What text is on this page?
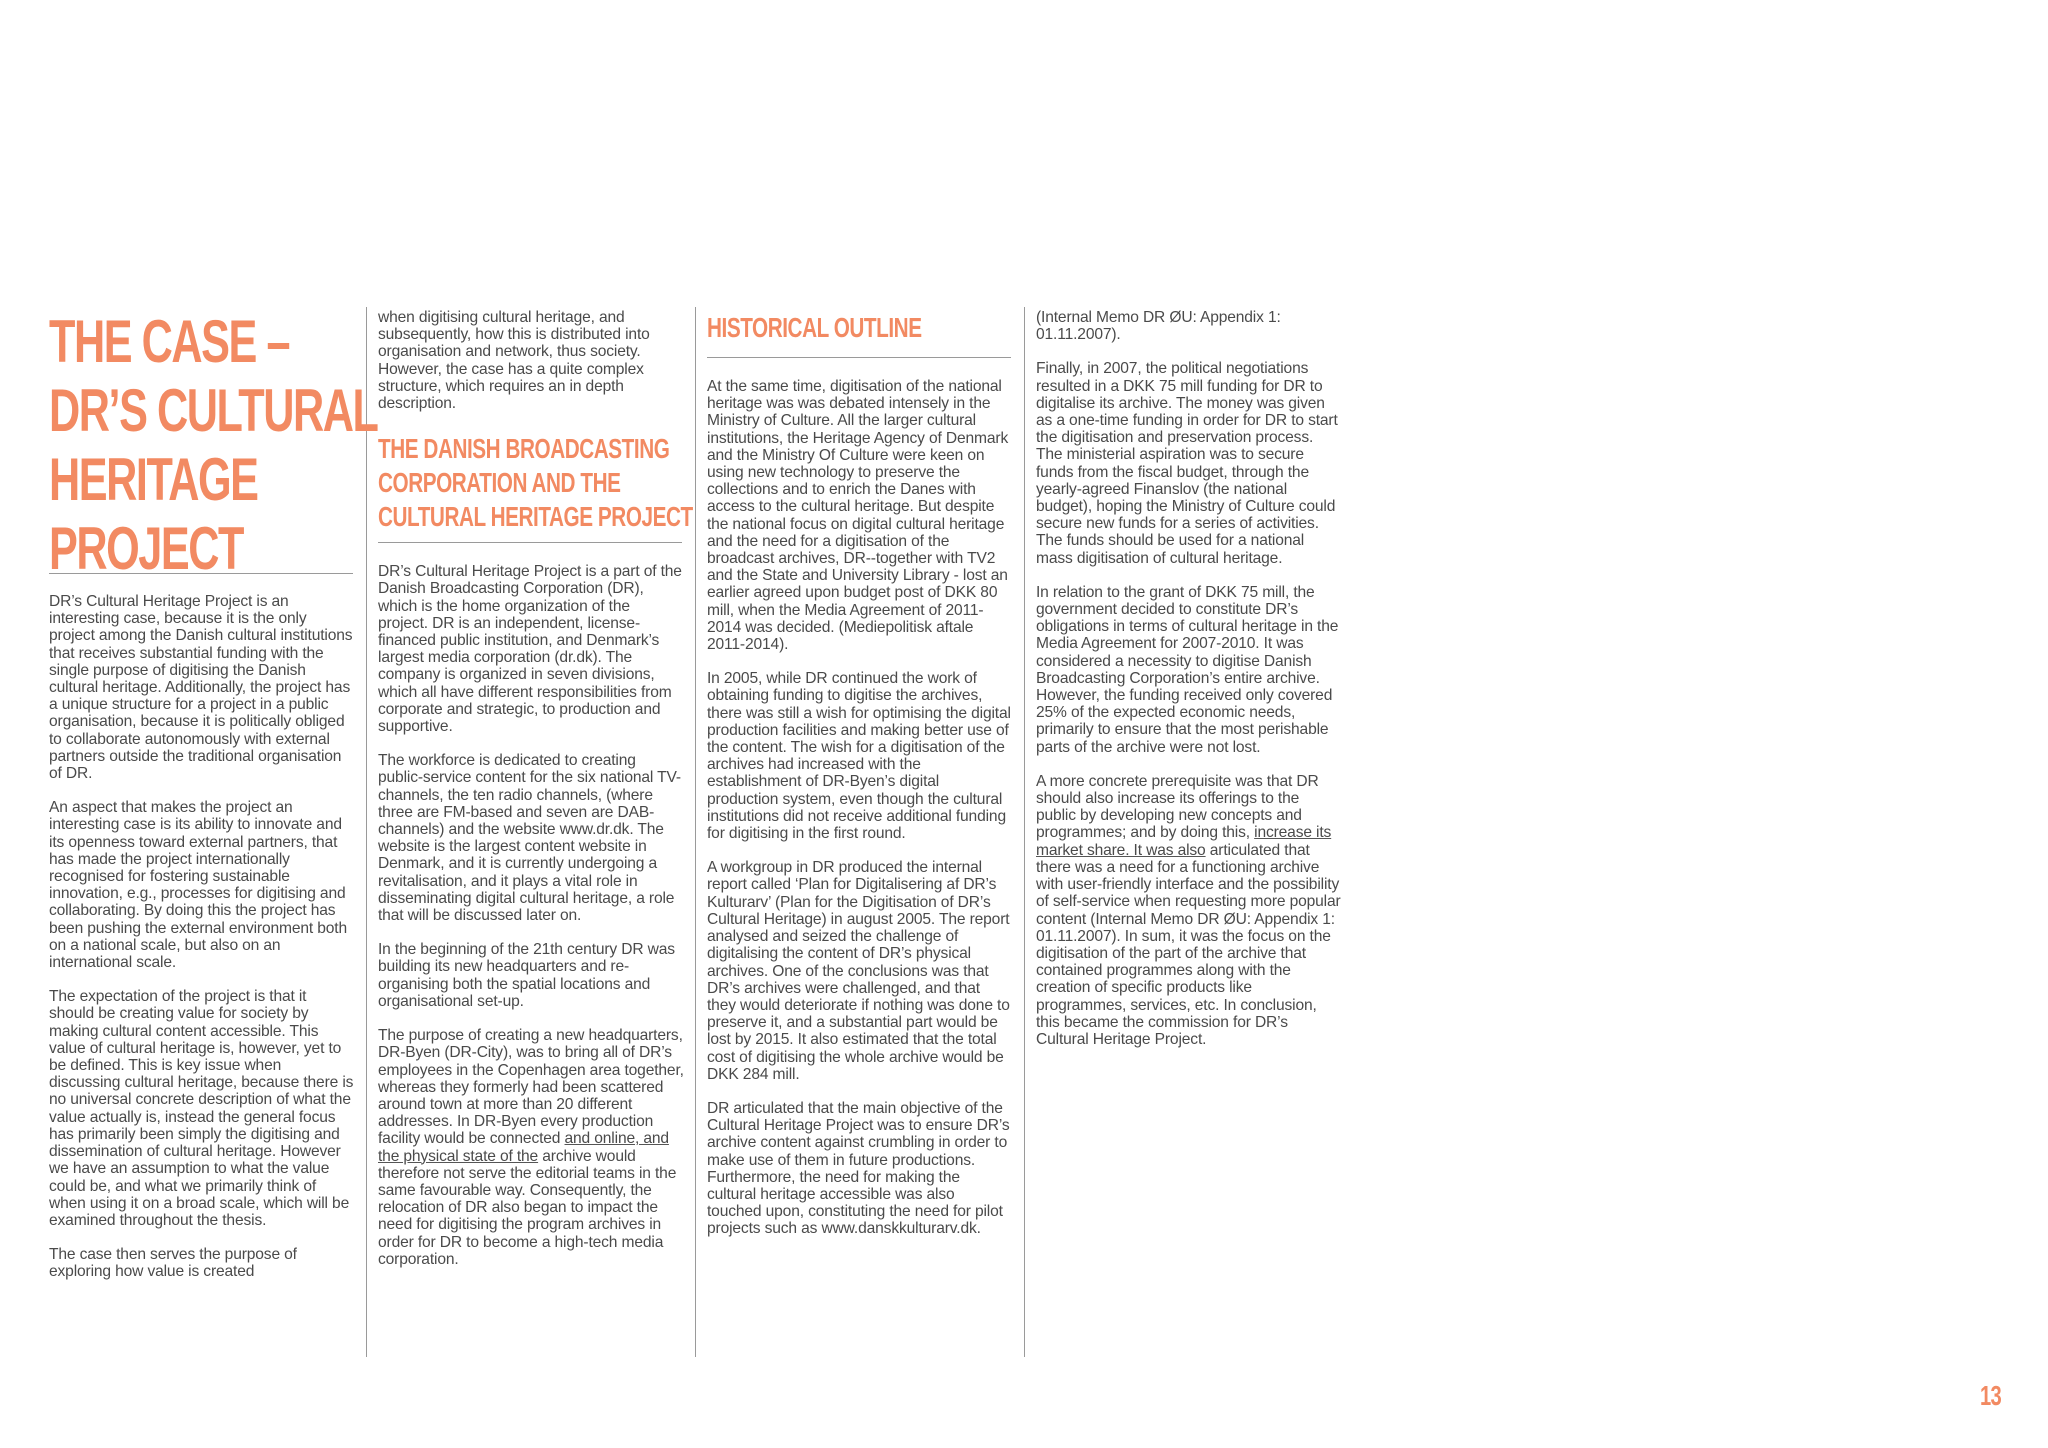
THE CASE –
DR’S CULTURAL
HERITAGE
PROJECT

DR’s Cultural Heritage Project is an interesting case, because it is the only project among the Danish cultural institutions that receives substantial funding with the single purpose of digitising the Danish cultural heritage. Additionally, the project has a unique structure for a project in a public organisation, because it is politically obliged to collaborate autonomously with external partners outside the traditional organisation of DR.

An aspect that makes the project an interesting case is its ability to innovate and its openness toward external partners, that has made the project internationally recognised for fostering sustainable innovation, e.g., processes for digitising and collaborating. By doing this the project has been pushing the external environment both on a national scale, but also on an international scale.

The expectation of the project is that it should be creating value for society by making cultural content accessible. This value of cultural heritage is, however, yet to be defined. This is key issue when discussing cultural heritage, because there is no universal concrete description of what the value actually is, instead the general focus has primarily been simply the digitising and dissemination of cultural heritage. However we have an assumption to what the value could be, and what we primarily think of when using it on a broad scale, which will be examined throughout the thesis.

The case then serves the purpose of exploring how value is created

when digitising cultural heritage, and subsequently, how this is distributed into organisation and network, thus society. However, the case has a quite complex structure, which requires an in depth description.

THE DANISH BROADCASTING
CORPORATION AND THE
CULTURAL HERITAGE PROJECT

DR’s Cultural Heritage Project is a part of the Danish Broadcasting Corporation (DR), which is the home organization of the project. DR is an independent, license-financed public institution, and Denmark’s largest media corporation (dr.dk). The company is organized in seven divisions, which all have different responsibilities from corporate and strategic, to production and supportive.

The workforce is dedicated to creating public-service content for the six national TV-channels, the ten radio channels, (where three are FM-based and seven are DAB-channels) and the website www.dr.dk. The website is the largest content website in Denmark, and it is currently undergoing a revitalisation, and it plays a vital role in disseminating digital cultural heritage, a role that will be discussed later on.

In the beginning of the 21th century DR was building its new headquarters and re-organising both the spatial locations and organisational set-up.

The purpose of creating a new headquarters, DR-Byen (DR-City), was to bring all of DR’s employees in the Copenhagen area together, whereas they formerly had been scattered around town at more than 20 different addresses. In DR-Byen every production facility would be connected and online, and the physical state of the archive would therefore not serve the editorial teams in the same favourable way. Consequently, the relocation of DR also began to impact the need for digitising the program archives in order for DR to become a high-tech media corporation.

HISTORICAL OUTLINE

At the same time, digitisation of the national heritage was was debated intensely in the Ministry of Culture. All the larger cultural institutions, the Heritage Agency of Denmark and the Ministry Of Culture were keen on using new technology to preserve the collections and to enrich the Danes with access to the cultural heritage. But despite the national focus on digital cultural heritage and the need for a digitisation of the broadcast archives, DR--together with TV2 and the State and University Library - lost an earlier agreed upon budget post of DKK 80 mill, when the Media Agreement of 2011-2014 was decided. (Mediepolitisk aftale 2011-2014).

In 2005, while DR continued the work of obtaining funding to digitise the archives, there was still a wish for optimising the digital production facilities and making better use of the content. The wish for a digitisation of the archives had increased with the establishment of DR-Byen’s digital production system, even though the cultural institutions did not receive additional funding for digitising in the first round.

A workgroup in DR produced the internal report called ‘Plan for Digitalisering af DR’s Kulturarv’ (Plan for the Digitisation of DR’s Cultural Heritage) in august 2005. The report analysed and seized the challenge of digitalising the content of DR’s physical archives. One of the conclusions was that DR’s archives were challenged, and that they would deteriorate if nothing was done to preserve it, and a substantial part would be lost by 2015. It also estimated that the total cost of digitising the whole archive would be DKK 284 mill.

DR articulated that the main objective of the Cultural Heritage Project was to ensure DR’s archive content against crumbling in order to make use of them in future productions. Furthermore, the need for making the cultural heritage accessible was also touched upon, constituting the need for pilot projects such as www.danskkulturarv.dk.

(Internal Memo DR ØU: Appendix 1: 01.11.2007).

Finally, in 2007, the political negotiations resulted in a DKK 75 mill funding for DR to digitalise its archive. The money was given as a one-time funding in order for DR to start the digitisation and preservation process. The ministerial aspiration was to secure funds from the fiscal budget, through the yearly-agreed Finanslov (the national budget), hoping the Ministry of Culture could secure new funds for a series of activities. The funds should be used for a national mass digitisation of cultural heritage.

In relation to the grant of DKK 75 mill, the government decided to constitute DR’s obligations in terms of cultural heritage in the Media Agreement for 2007-2010. It was considered a necessity to digitise Danish Broadcasting Corporation’s entire archive. However, the funding received only covered 25% of the expected economic needs, primarily to ensure that the most perishable parts of the archive were not lost.

A more concrete prerequisite was that DR should also increase its offerings to the public by developing new concepts and programmes; and by doing this, increase its market share. It was also articulated that there was a need for a functioning archive with user-friendly interface and the possibility of self-service when requesting more popular content (Internal Memo DR ØU: Appendix 1: 01.11.2007). In sum, it was the focus on the digitisation of the part of the archive that contained programmes along with the creation of specific products like programmes, services, etc. In conclusion, this became the commission for DR’s Cultural Heritage Project.

13
